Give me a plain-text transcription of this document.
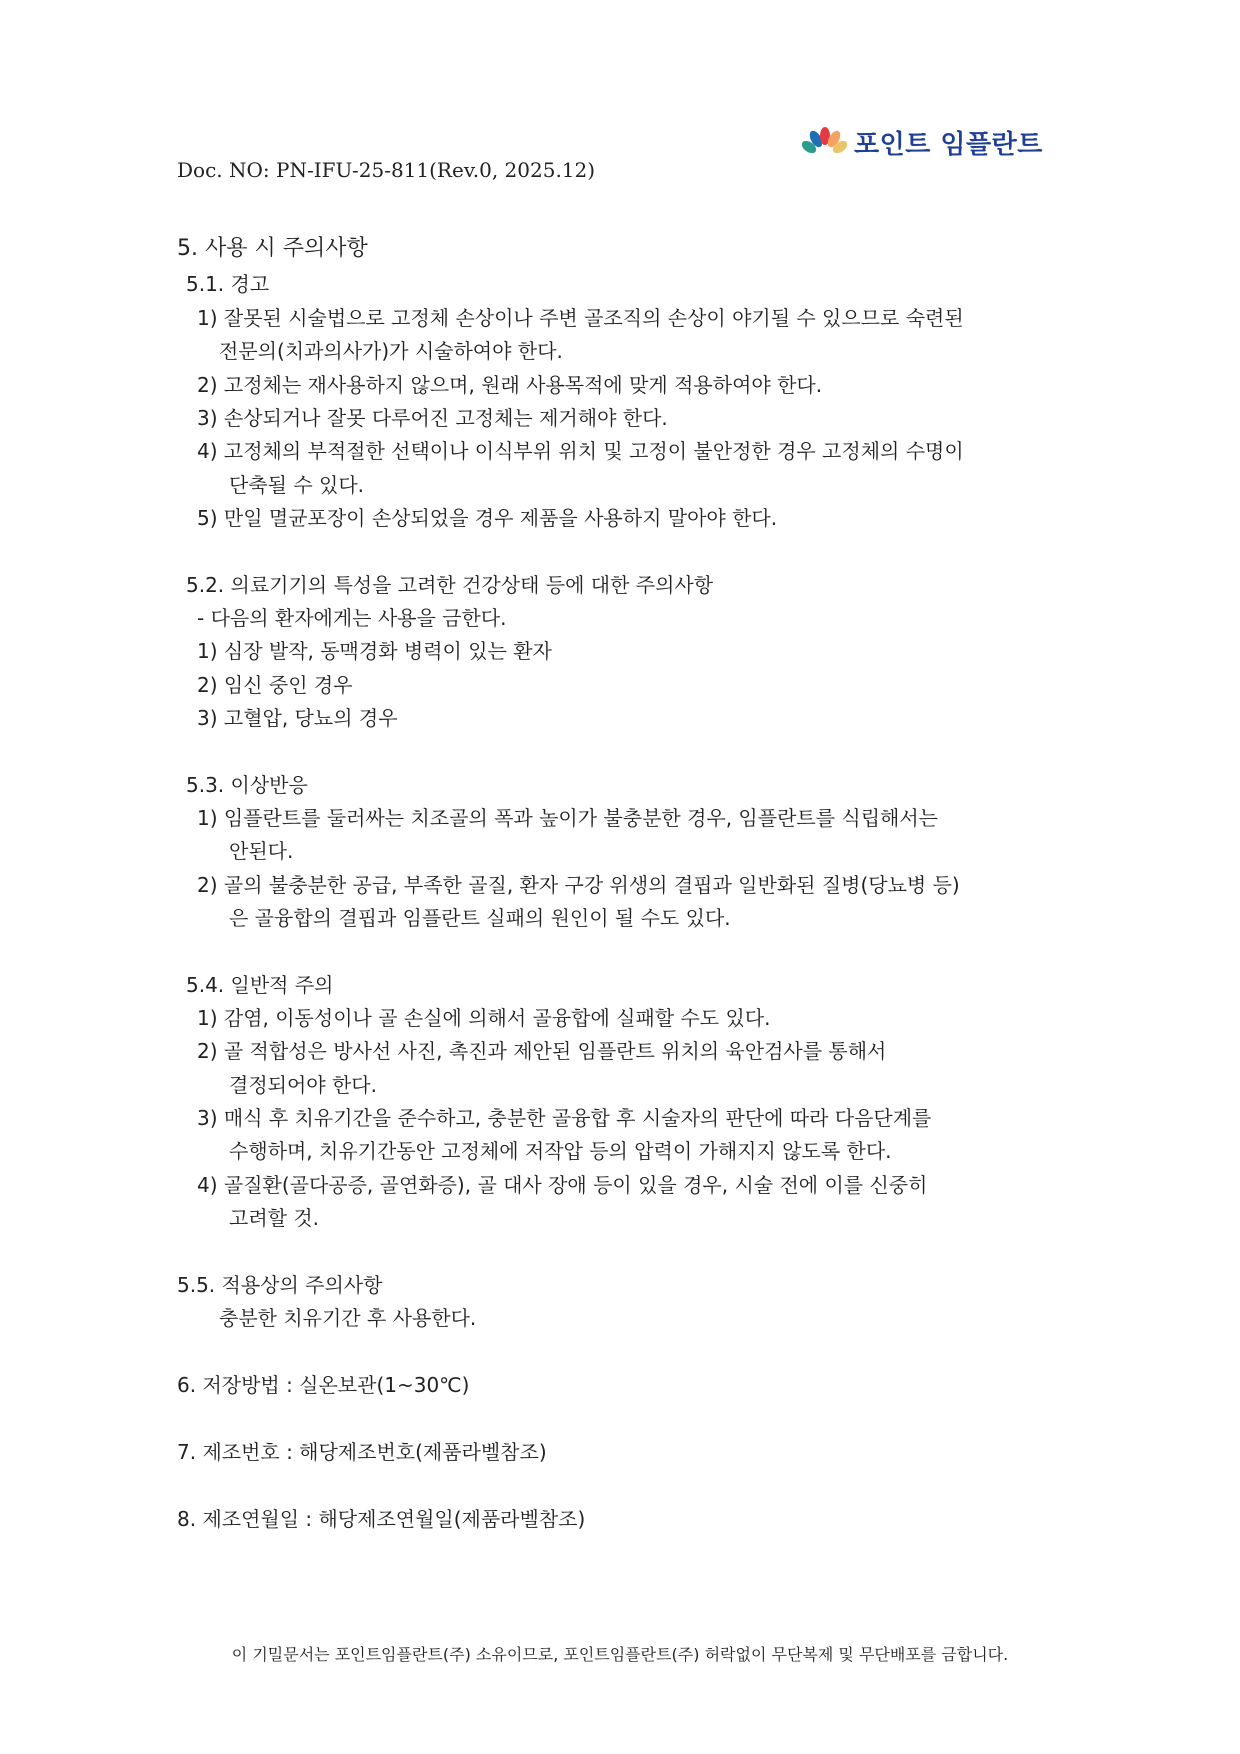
포인트 임플란트
Doc. NO: PN-IFU-25-811(Rev.0, 2025.12)
5. 사용 시 주의사항
5.1. 경고
1) 잘못된 시술법으로 고정체 손상이나 주변 골조직의 손상이 야기될 수 있으므로 숙련된
전문의(치과의사가)가 시술하여야 한다.
2) 고정체는 재사용하지 않으며, 원래 사용목적에 맞게 적용하여야 한다.
3) 손상되거나 잘못 다루어진 고정체는 제거해야 한다.
4) 고정체의 부적절한 선택이나 이식부위 위치 및 고정이 불안정한 경우 고정체의 수명이
단축될 수 있다.
5) 만일 멸균포장이 손상되었을 경우 제품을 사용하지 말아야 한다.
5.2. 의료기기의 특성을 고려한 건강상태 등에 대한 주의사항
- 다음의 환자에게는 사용을 금한다.
1) 심장 발작, 동맥경화 병력이 있는 환자
2) 임신 중인 경우
3) 고혈압, 당뇨의 경우
5.3. 이상반응
1) 임플란트를 둘러싸는 치조골의 폭과 높이가 불충분한 경우, 임플란트를 식립해서는
안된다.
2) 골의 불충분한 공급, 부족한 골질, 환자 구강 위생의 결핍과 일반화된 질병(당뇨병 등)
은 골융합의 결핍과 임플란트 실패의 원인이 될 수도 있다.
5.4. 일반적 주의
1) 감염, 이동성이나 골 손실에 의해서 골융합에 실패할 수도 있다.
2) 골 적합성은 방사선 사진, 촉진과 제안된 임플란트 위치의 육안검사를 통해서
결정되어야 한다.
3) 매식 후 치유기간을 준수하고, 충분한 골융합 후 시술자의 판단에 따라 다음단계를
수행하며, 치유기간동안 고정체에 저작압 등의 압력이 가해지지 않도록 한다.
4) 골질환(골다공증, 골연화증), 골 대사 장애 등이 있을 경우, 시술 전에 이를 신중히
고려할 것.
5.5. 적용상의 주의사항
충분한 치유기간 후 사용한다.
6. 저장방법 : 실온보관(1~30℃)
7. 제조번호 : 해당제조번호(제품라벨참조)
8. 제조연월일 : 해당제조연월일(제품라벨참조)
이 기밀문서는 포인트임플란트(주) 소유이므로, 포인트임플란트(주) 허락없이 무단복제 및 무단배포를 금합니다.
